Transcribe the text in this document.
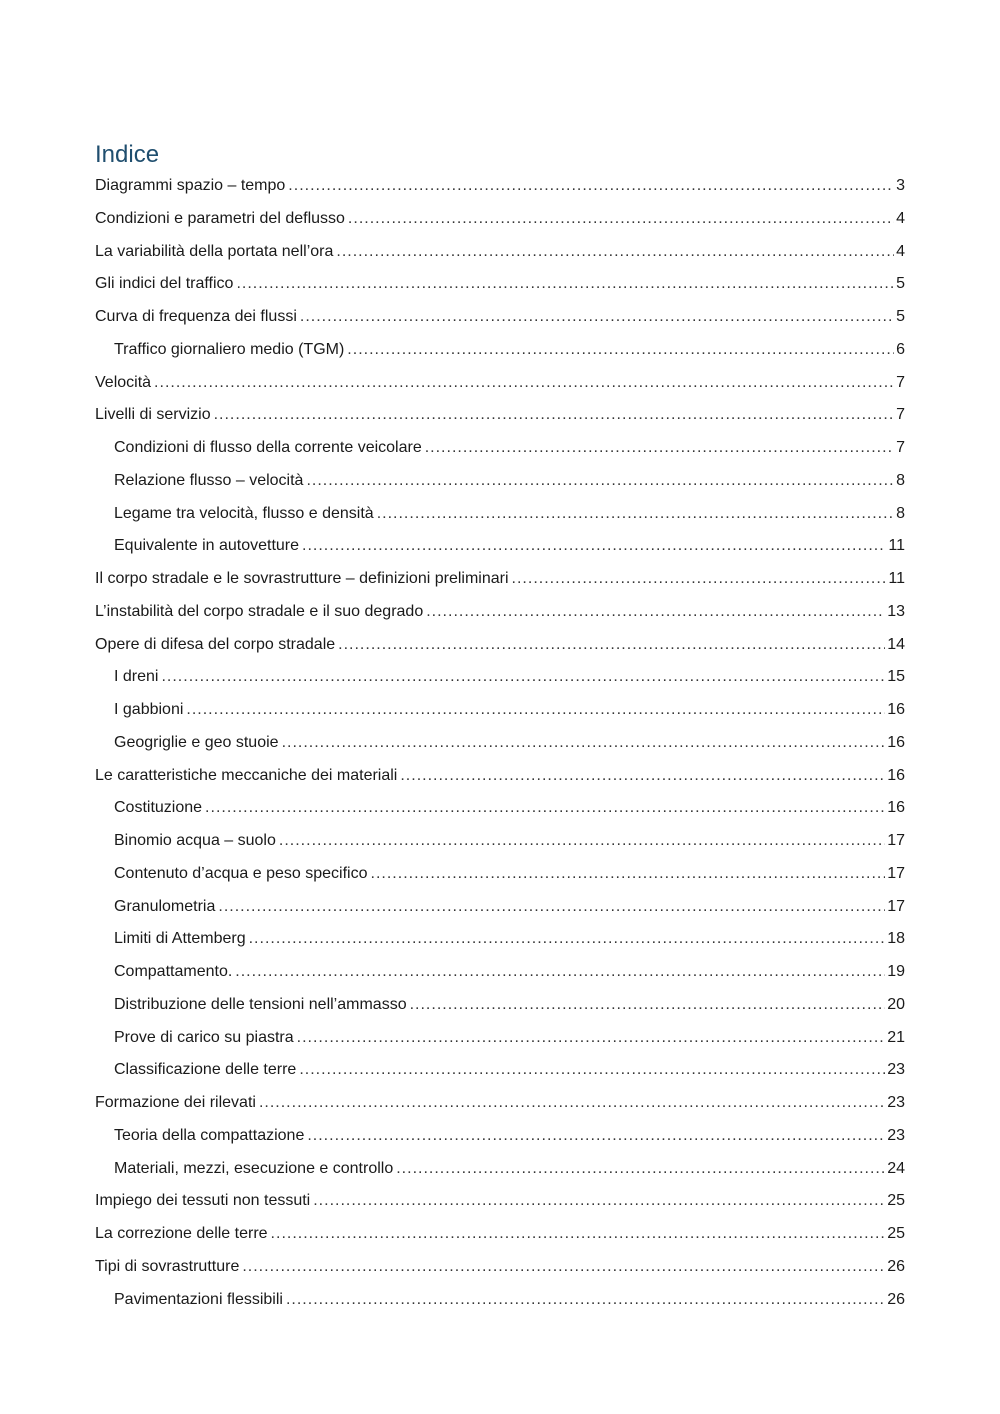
Indice
Diagrammi spazio – tempo .....	3
Condizioni e parametri del deflusso .....	4
La variabilità della portata nell’ora .....	4
Gli indici del traffico .....	5
Curva di frequenza dei flussi .....	5
Traffico giornaliero medio (TGM) .....	6
Velocità .....	7
Livelli di servizio .....	7
Condizioni di flusso della corrente veicolare .....	7
Relazione flusso – velocità .....	8
Legame tra velocità, flusso e densità .....	8
Equivalente in autovetture .....	11
Il corpo stradale e le sovrastrutture – definizioni preliminari .....	11
L’instabilità del corpo stradale e il suo degrado .....	13
Opere di difesa del corpo stradale .....	14
I dreni .....	15
I gabbioni .....	16
Geogriglie e geo stuoie .....	16
Le caratteristiche meccaniche dei materiali .....	16
Costituzione .....	16
Binomio acqua – suolo .....	17
Contenuto d’acqua e peso specifico .....	17
Granulometria .....	17
Limiti di Attemberg .....	18
Compattamento. .....	19
Distribuzione delle tensioni nell’ammasso .....	20
Prove di carico su piastra .....	21
Classificazione delle terre .....	23
Formazione dei rilevati .....	23
Teoria della compattazione .....	23
Materiali, mezzi, esecuzione e controllo .....	24
Impiego dei tessuti non tessuti .....	25
La correzione delle terre .....	25
Tipi di sovrastrutture .....	26
Pavimentazioni flessibili .....	26
